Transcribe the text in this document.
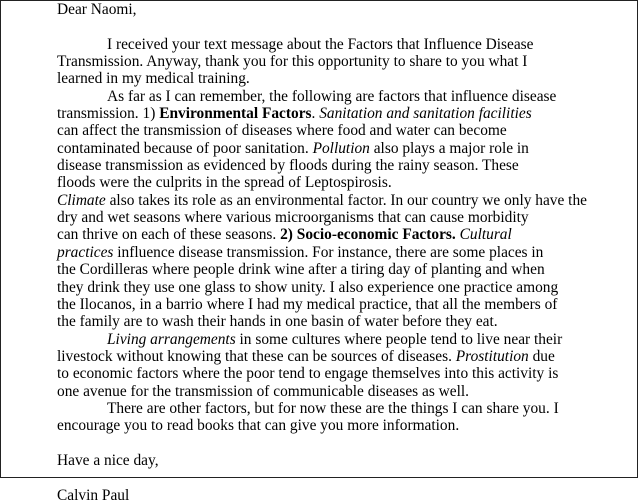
Dear Naomi,
I received your text message about the Factors that Influence Disease
Transmission. Anyway, thank you for this opportunity to share to you what I
learned in my medical training.
As far as I can remember, the following are factors that influence disease
transmission. 1) Environmental Factors. Sanitation and sanitation facilities
can affect the transmission of diseases where food and water can become
contaminated because of poor sanitation. Pollution also plays a major role in
disease transmission as evidenced by floods during the rainy season. These
floods were the culprits in the spread of Leptospirosis.
Climate also takes its role as an environmental factor. In our country we only have the
dry and wet seasons where various microorganisms that can cause morbidity
can thrive on each of these seasons. 2) Socio-economic Factors. Cultural
practices influence disease transmission. For instance, there are some places in
the Cordilleras where people drink wine after a tiring day of planting and when
they drink they use one glass to show unity. I also experience one practice among
the Ilocanos, in a barrio where I had my medical practice, that all the members of
the family are to wash their hands in one basin of water before they eat.
Living arrangements in some cultures where people tend to live near their
livestock without knowing that these can be sources of diseases. Prostitution due
to economic factors where the poor tend to engage themselves into this activity is
one avenue for the transmission of communicable diseases as well.
There are other factors, but for now these are the things I can share you. I
encourage you to read books that can give you more information.
Have a nice day,
Calvin Paul
